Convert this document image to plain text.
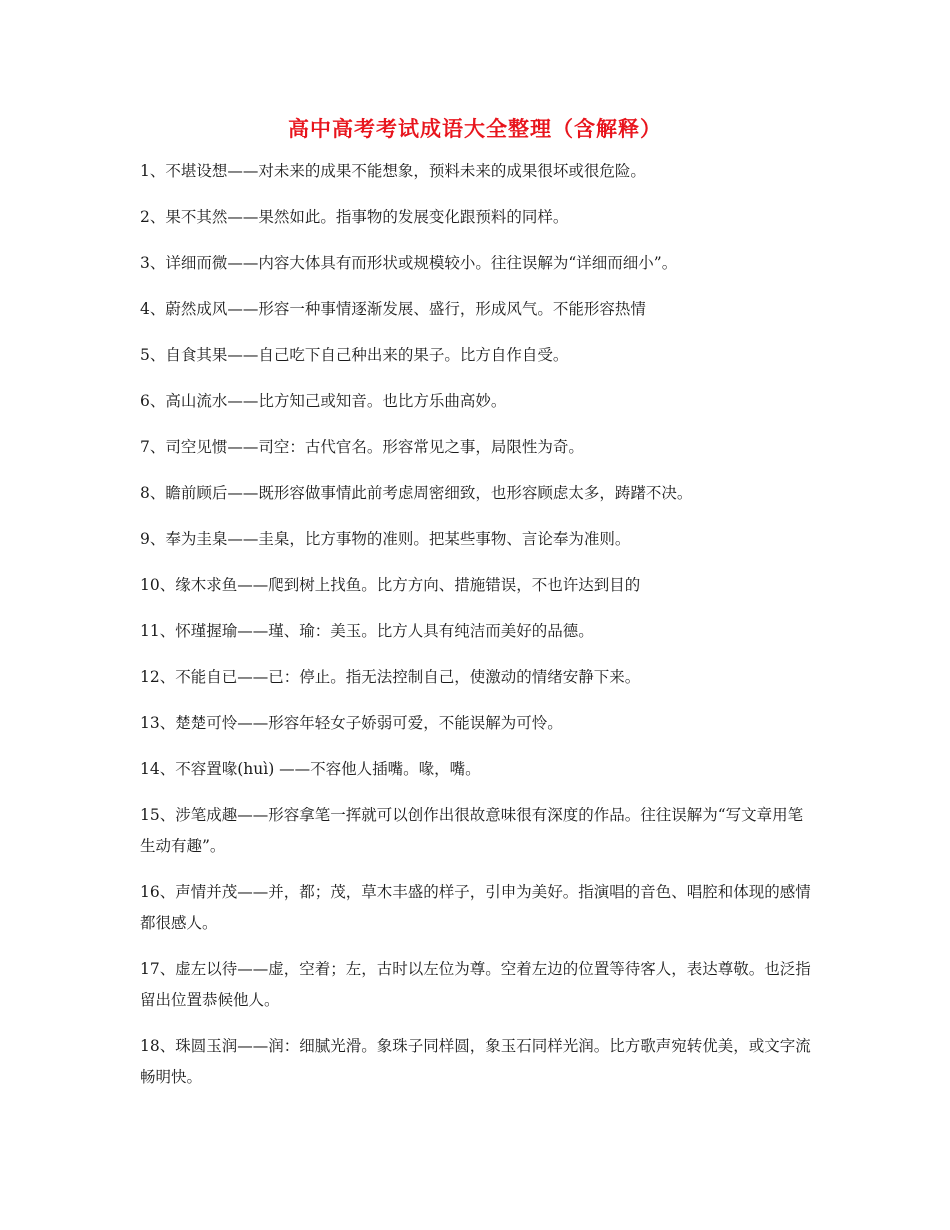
高中高考考试成语大全整理（含解释）
1、不堪设想——对未来的成果不能想象，预料未来的成果很坏或很危险。
2、果不其然——果然如此。指事物的发展变化跟预料的同样。
3、详细而微——内容大体具有而形状或规模较小。往往误解为“详细而细小”。
4、蔚然成风——形容一种事情逐渐发展、盛行，形成风气。不能形容热情
5、自食其果——自己吃下自己种出来的果子。比方自作自受。
6、高山流水——比方知己或知音。也比方乐曲高妙。
7、司空见惯——司空：古代官名。形容常见之事，局限性为奇。
8、瞻前顾后——既形容做事情此前考虑周密细致，也形容顾虑太多，踌躇不决。
9、奉为圭臬——圭臬，比方事物的准则。把某些事物、言论奉为准则。
10、缘木求鱼——爬到树上找鱼。比方方向、措施错误，不也许达到目的
11、怀瑾握瑜——瑾、瑜：美玉。比方人具有纯洁而美好的品德。
12、不能自已——已：停止。指无法控制自己，使激动的情绪安静下来。
13、楚楚可怜——形容年轻女子娇弱可爱，不能误解为可怜。
14、不容置喙(huì) ——不容他人插嘴。喙，嘴。
15、涉笔成趣——形容拿笔一挥就可以创作出很故意味很有深度的作品。往往误解为“写文章用笔生动有趣”。
16、声情并茂——并，都；茂，草木丰盛的样子，引申为美好。指演唱的音色、唱腔和体现的感情都很感人。
17、虚左以待——虚，空着；左，古时以左位为尊。空着左边的位置等待客人，表达尊敬。也泛指留出位置恭候他人。
18、珠圆玉润——润：细腻光滑。象珠子同样圆，象玉石同样光润。比方歌声宛转优美，或文字流畅明快。
